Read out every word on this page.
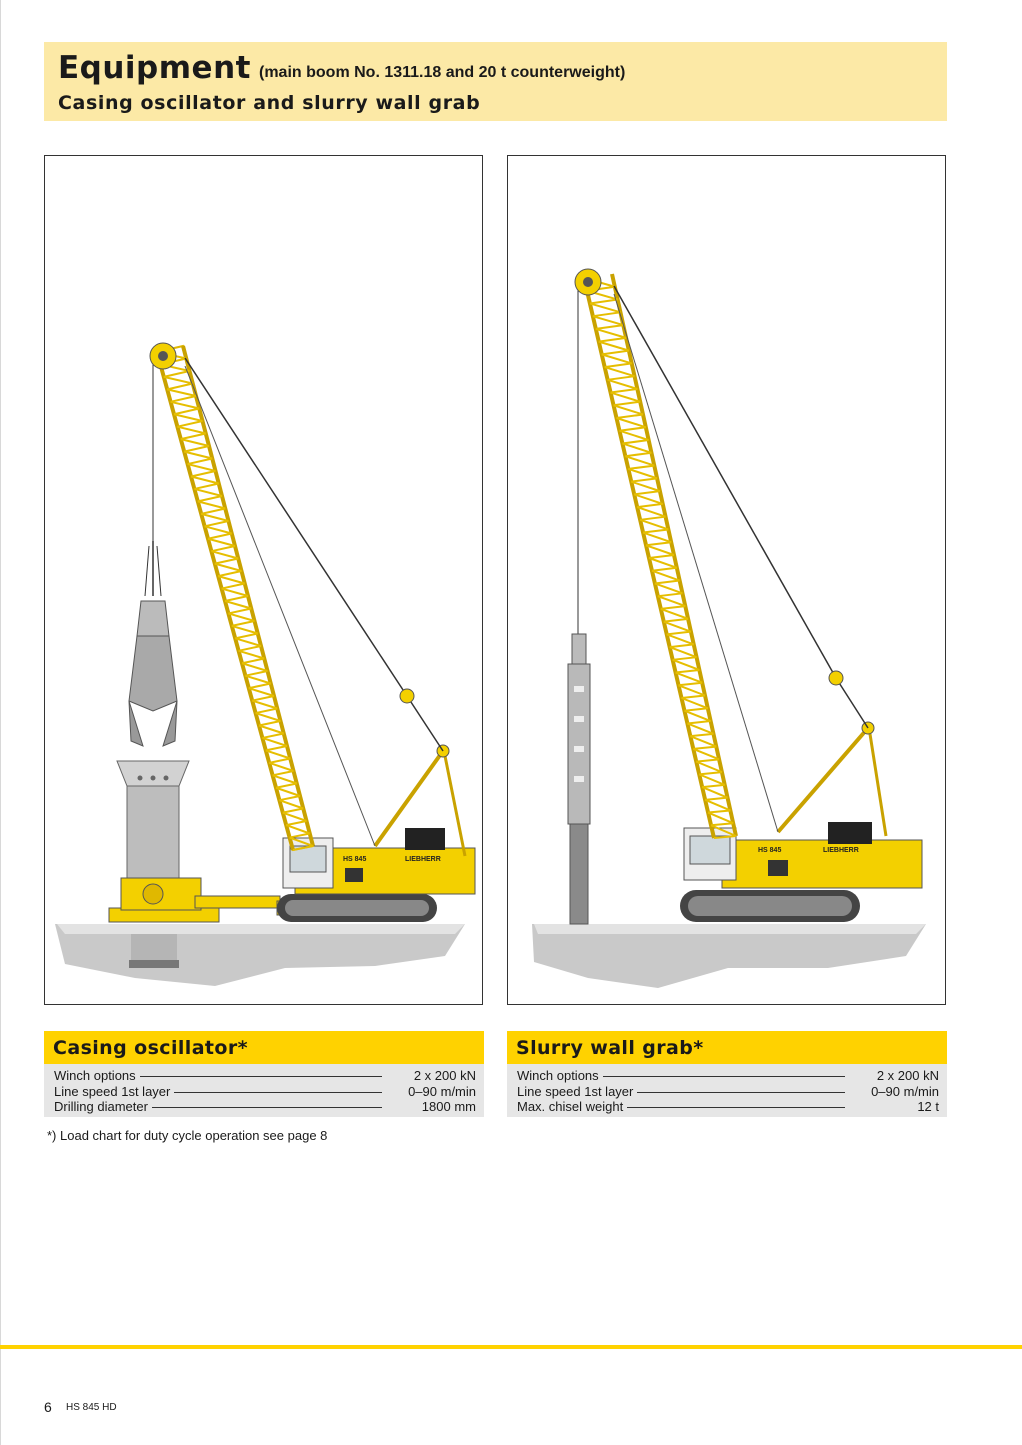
Equipment (main boom No. 1311.18 and 20 t counterweight)
Casing oscillator and slurry wall grab
HS 845	LIEBHERR
HS 845	LIEBHERR
Casing oscillator*
Winch options	2 x 200 kN
Line speed 1st layer	0–90 m/min
Drilling diameter	1800 mm
Slurry wall grab*
Winch options	2 x 200 kN
Line speed 1st layer	0–90 m/min
Max. chisel weight	12 t
*) Load chart for duty cycle operation see page 8
6 HS 845 HD
